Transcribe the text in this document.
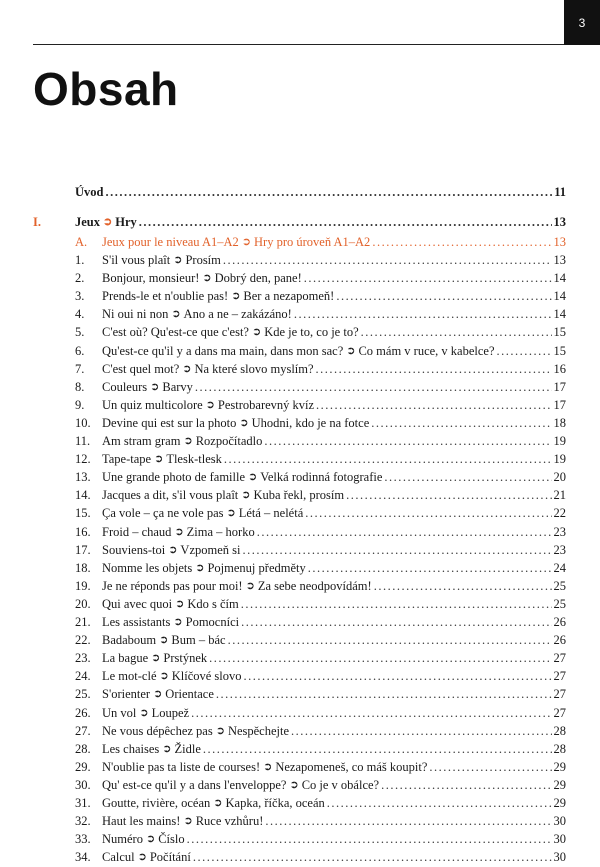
3
Obsah
Úvod .....	11
I.	Jeux ➲ Hry .....	13
A.	Jeux pour le niveau A1–A2 ➲ Hry pro úroveň A1–A2 .....	13
1.	S'il vous plaît ➲ Prosím .....	13
2.	Bonjour, monsieur! ➲ Dobrý den, pane! .....	14
3.	Prends-le et n'oublie pas! ➲ Ber a nezapomeň! .....	14
4.	Ni oui ni non ➲ Ano a ne – zakázáno! .....	14
5.	C'est où? Qu'est-ce que c'est? ➲ Kde je to, co je to? .....	15
6.	Qu'est-ce qu'il y a dans ma main, dans mon sac? ➲ Co mám v ruce, v kabelce? .....	15
7.	C'est quel mot? ➲ Na které slovo myslím? .....	16
8.	Couleurs ➲ Barvy .....	17
9.	Un quiz multicolore ➲ Pestrobarevný kvíz .....	17
10. Devine qui est sur la photo ➲ Uhodni, kdo je na fotce .....	18
11. Am stram gram ➲ Rozpočítadlo .....	19
12. Tape-tape ➲ Tlesk-tlesk .....	19
13. Une grande photo de famille ➲ Velká rodinná fotografie .....	20
14. Jacques a dit, s'il vous plaît ➲ Kuba řekl, prosím .....	21
15. Ça vole – ça ne vole pas ➲ Létá – nelétá .....	22
16. Froid – chaud ➲ Zima – horko .....	23
17. Souviens-toi ➲ Vzpomeň si .....	23
18. Nomme les objets ➲ Pojmenuj předměty .....	24
19. Je ne réponds pas pour moi! ➲ Za sebe neodpovídám! .....	25
20. Qui avec quoi ➲ Kdo s čím .....	25
21. Les assistants ➲ Pomocníci .....	26
22. Badaboum ➲ Bum – bác .....	26
23. La bague ➲ Prstýnek .....	27
24. Le mot-clé ➲ Klíčové slovo .....	27
25. S'orienter ➲ Orientace .....	27
26. Un vol ➲ Loupež .....	27
27. Ne vous dépêchez pas ➲ Nespěchejte .....	28
28. Les chaises ➲ Židle .....	28
29. N'oublie pas ta liste de courses! ➲ Nezapomeneš, co máš koupit? .....	29
30. Qu' est-ce qu'il y a dans l'enveloppe? ➲ Co je v obálce? .....	29
31. Goutte, rivière, océan ➲ Kapka, říčka, oceán .....	29
32. Haut les mains! ➲ Ruce vzhůru! .....	30
33. Numéro ➲ Číslo .....	30
34. Calcul ➲ Počítání .....	30
